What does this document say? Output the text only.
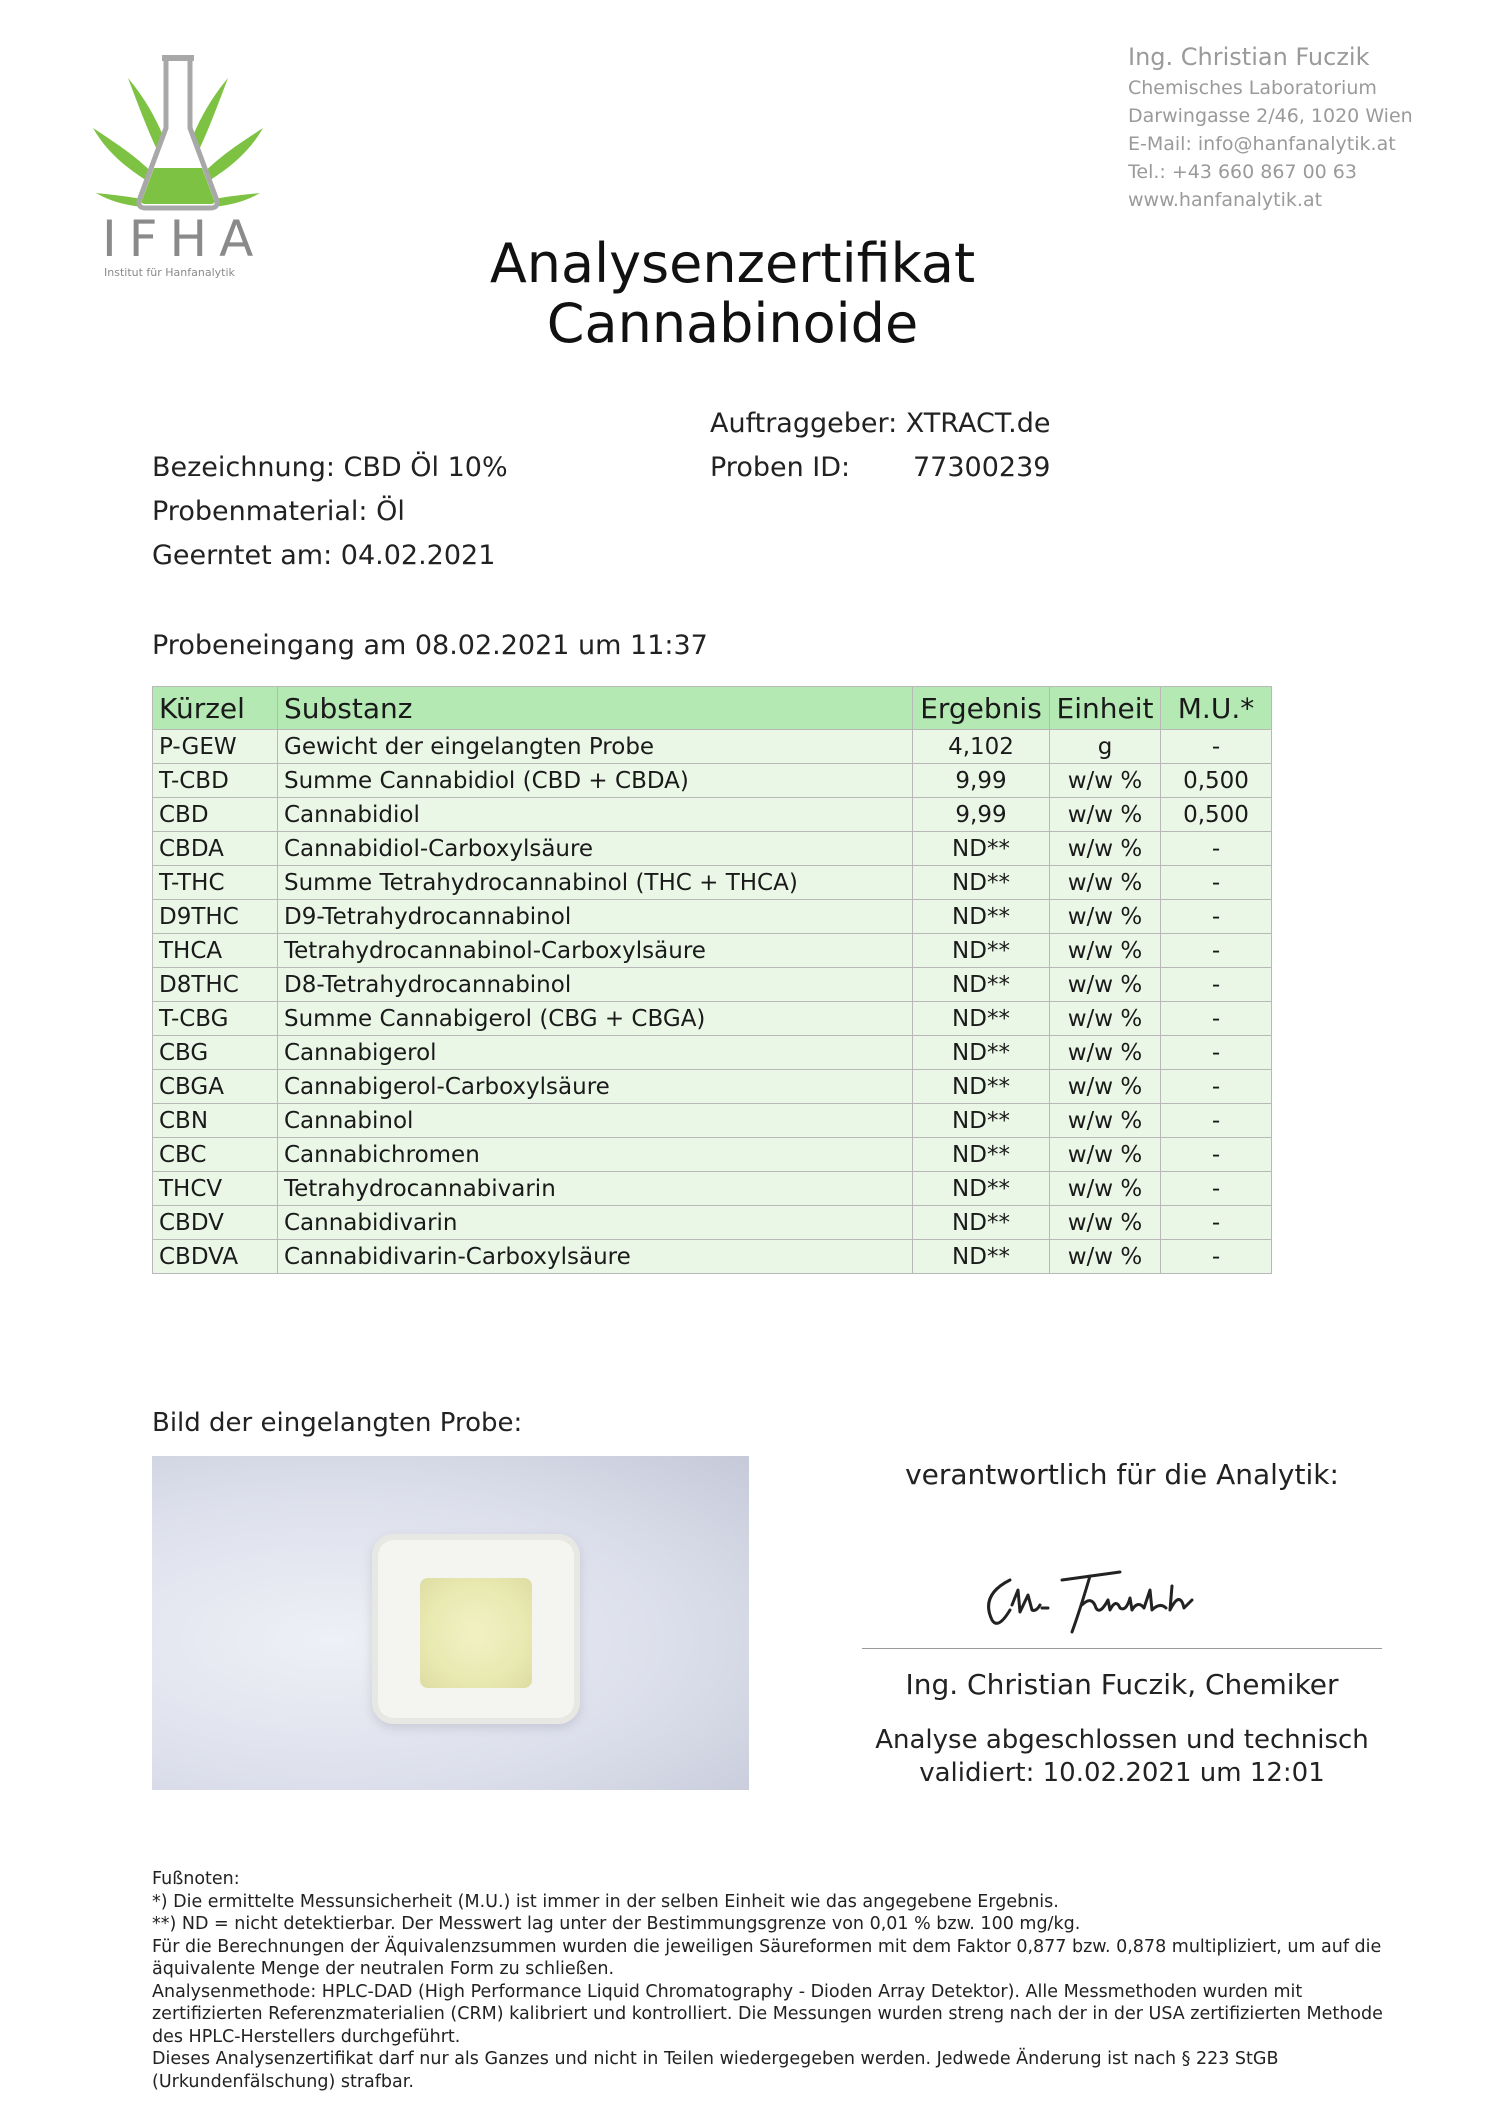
IFHA
Institut für Hanfanalytik
Ing. Christian Fuczik
Chemisches Laboratorium
Darwingasse 2/46, 1020 Wien
E-Mail: info@hanfanalytik.at
Tel.: +43 660 867 00 63
www.hanfanalytik.at
Analysenzertifikat
Cannabinoide
Auftraggeber: XTRACT.de
Proben ID: 77300239
Bezeichnung: CBD Öl 10%
Probenmaterial: Öl
Geerntet am: 04.02.2021
Probeneingang am 08.02.2021 um 11:37
Kürzel	Substanz	Ergebnis	Einheit	M.U.*
P-GEW	Gewicht der eingelangten Probe	4,102	g	-
T-CBD	Summe Cannabidiol (CBD + CBDA)	9,99	w/w %	0,500
CBD	Cannabidiol	9,99	w/w %	0,500
CBDA	Cannabidiol-Carboxylsäure	ND**	w/w %	-
T-THC	Summe Tetrahydrocannabinol (THC + THCA)	ND**	w/w %	-
D9THC	D9-Tetrahydrocannabinol	ND**	w/w %	-
THCA	Tetrahydrocannabinol-Carboxylsäure	ND**	w/w %	-
D8THC	D8-Tetrahydrocannabinol	ND**	w/w %	-
T-CBG	Summe Cannabigerol (CBG + CBGA)	ND**	w/w %	-
CBG	Cannabigerol	ND**	w/w %	-
CBGA	Cannabigerol-Carboxylsäure	ND**	w/w %	-
CBN	Cannabinol	ND**	w/w %	-
CBC	Cannabichromen	ND**	w/w %	-
THCV	Tetrahydrocannabivarin	ND**	w/w %	-
CBDV	Cannabidivarin	ND**	w/w %	-
CBDVA	Cannabidivarin-Carboxylsäure	ND**	w/w %	-
Bild der eingelangten Probe:
verantwortlich für die Analytik:
Ing. Christian Fuczik, Chemiker
Analyse abgeschlossen und technisch
validiert: 10.02.2021 um 12:01
Fußnoten:
*) Die ermittelte Messunsicherheit (M.U.) ist immer in der selben Einheit wie das angegebene Ergebnis.
**) ND = nicht detektierbar. Der Messwert lag unter der Bestimmungsgrenze von 0,01 % bzw. 100 mg/kg.
Für die Berechnungen der Äquivalenzsummen wurden die jeweiligen Säureformen mit dem Faktor 0,877 bzw. 0,878 multipliziert, um auf die äquivalente Menge der neutralen Form zu schließen.
Analysenmethode: HPLC-DAD (High Performance Liquid Chromatography - Dioden Array Detektor). Alle Messmethoden wurden mit zertifizierten Referenzmaterialien (CRM) kalibriert und kontrolliert. Die Messungen wurden streng nach der in der USA zertifizierten Methode des HPLC-Herstellers durchgeführt.
Dieses Analysenzertifikat darf nur als Ganzes und nicht in Teilen wiedergegeben werden. Jedwede Änderung ist nach § 223 StGB (Urkundenfälschung) strafbar.
